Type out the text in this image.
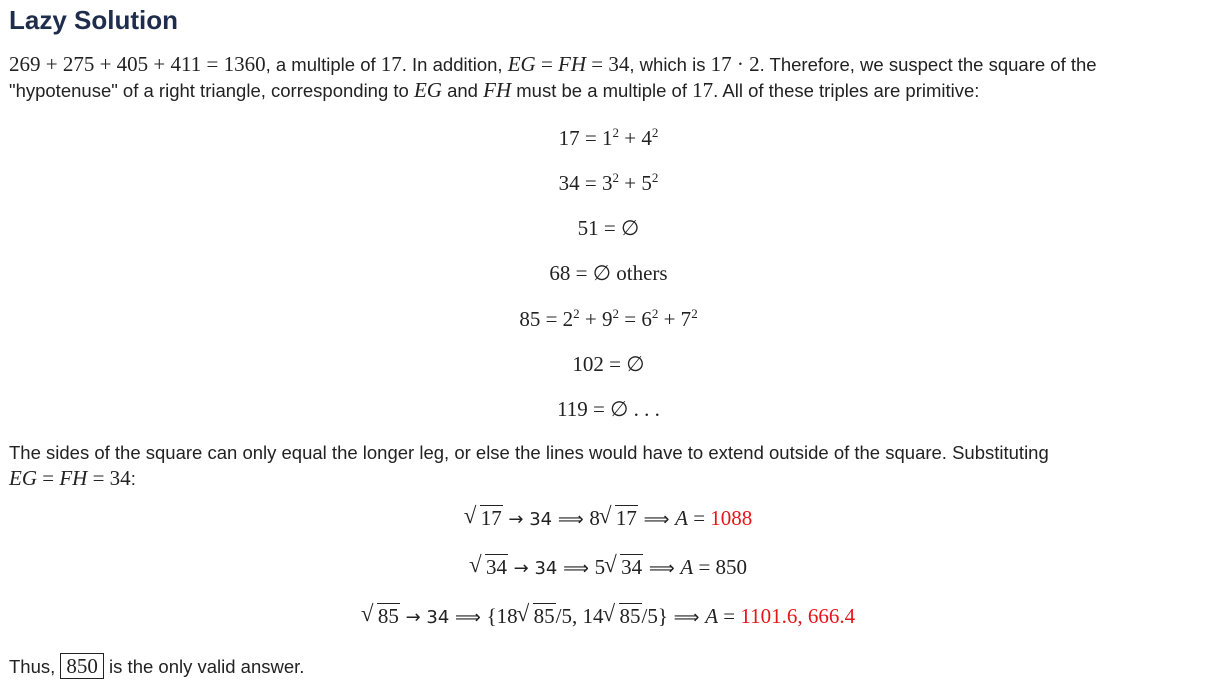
Lazy Solution
269 + 275 + 405 + 411 = 1360, a multiple of 17. In addition, EG = FH = 34, which is 17 · 2. Therefore, we suspect the square of the
"hypotenuse" of a right triangle, corresponding to EG and FH must be a multiple of 17. All of these triples are primitive:
$17 = 1^2 + 4^2$
$34 = 3^2 + 5^2$
51 = ∅
68 = ∅ others
$85 = 2^2 + 9^2 = 6^2 + 7^2$
102 = ∅
119 = ∅ . . .
The sides of the square can only equal the longer leg, or else the lines would have to extend outside of the square. Substituting
EG = FH = 34:
√ 17 → 34 ⟹ 8 √ 17 ⟹ A = 1088
√ 34 → 34 ⟹ 5 √ 34 ⟹ A = 850
√ 85 → 34 ⟹ {18 √ 85/5, 14 √ 85/5} ⟹ A = 1101.6, 666.4
Thus, 850 is the only valid answer.
